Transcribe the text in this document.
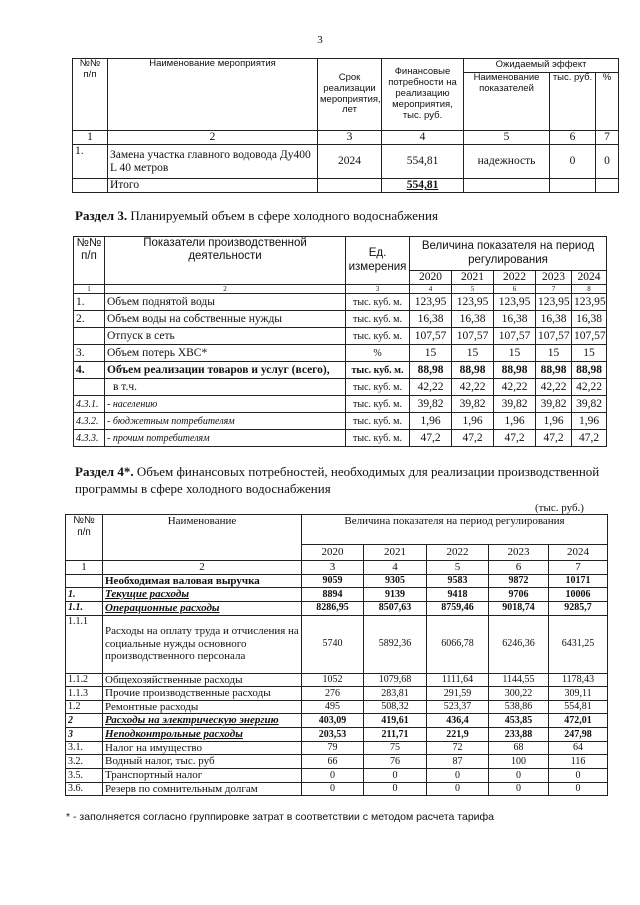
3
№№ п/п	Наименование мероприятия	Срок реализации мероприятия, лет	Финансовые потребности на реализацию мероприятия, тыс. руб.	Ожидаемый эффект		
				Наименование показателей	тыс. руб.	%
1	2	3	4	5	6	7
1.	Замена участка главного водовода Ду400 L 40 метров	2024	554,81	надежность	0	0
	Итого		554,81			
Раздел 3. Планируемый объем в сфере холодного водоснабжения
№№ п/п	Показатели производственной деятельности	Ед. измерения	Величина показателя на период регулирования				
			2020	2021	2022	2023	2024
1	2	3	4	5	6	7	8
1.	Объем поднятой воды	тыс. куб. м.	123,95	123,95	123,95	123,95	123,95
2.	Объем воды на собственные нужды	тыс. куб. м.	16,38	16,38	16,38	16,38	16,38
	Отпуск в сеть	тыс. куб. м.	107,57	107,57	107,57	107,57	107,57
3.	Объем потерь ХВС*	%	15	15	15	15	15
4.	Объем реализации товаров и услуг (всего),	тыс. куб. м.	88,98	88,98	88,98	88,98	88,98
	в т.ч.	тыс. куб. м.	42,22	42,22	42,22	42,22	42,22
4.3.1.	- населению	тыс. куб. м.	39,82	39,82	39,82	39,82	39,82
4.3.2.	- бюджетным потребителям	тыс. куб. м.	1,96	1,96	1,96	1,96	1,96
4.3.3.	- прочим потребителям	тыс. куб. м.	47,2	47,2	47,2	47,2	47,2
Раздел 4*. Объем финансовых потребностей, необходимых для реализации производственной
программы в сфере холодного водоснабжения
(тыс. руб.)
№№ п/п	Наименование	Величина показателя на период регулирования				
		2020	2021	2022	2023	2024
1	2	3	4	5	6	7
	Необходимая валовая выручка	9059	9305	9583	9872	10171
1.	Текущие расходы	8894	9139	9418	9706	10006
1.1.	Операционные расходы	8286,95	8507,63	8759,46	9018,74	9285,7
1.1.1	Расходы на оплату труда и отчисления на социальные нужды основного производственного персонала	5740	5892,36	6066,78	6246,36	6431,25
1.1.2	Общехозяйственные расходы	1052	1079,68	1111,64	1144,55	1178,43
1.1.3	Прочие производственные расходы	276	283,81	291,59	300,22	309,11
1.2	Ремонтные расходы	495	508,32	523,37	538,86	554,81
2	Расходы на электрическую энергию	403,09	419,61	436,4	453,85	472,01
3	Неподконтрольные расходы	203,53	211,71	221,9	233,88	247,98
3.1.	Налог на имущество	79	75	72	68	64
3.2.	Водный налог, тыс. руб	66	76	87	100	116
3.5.	Транспортный налог	0	0	0	0	0
3.6.	Резерв по сомнительным долгам	0	0	0	0	0
* - заполняется согласно группировке затрат в соответствии с методом расчета тарифа
